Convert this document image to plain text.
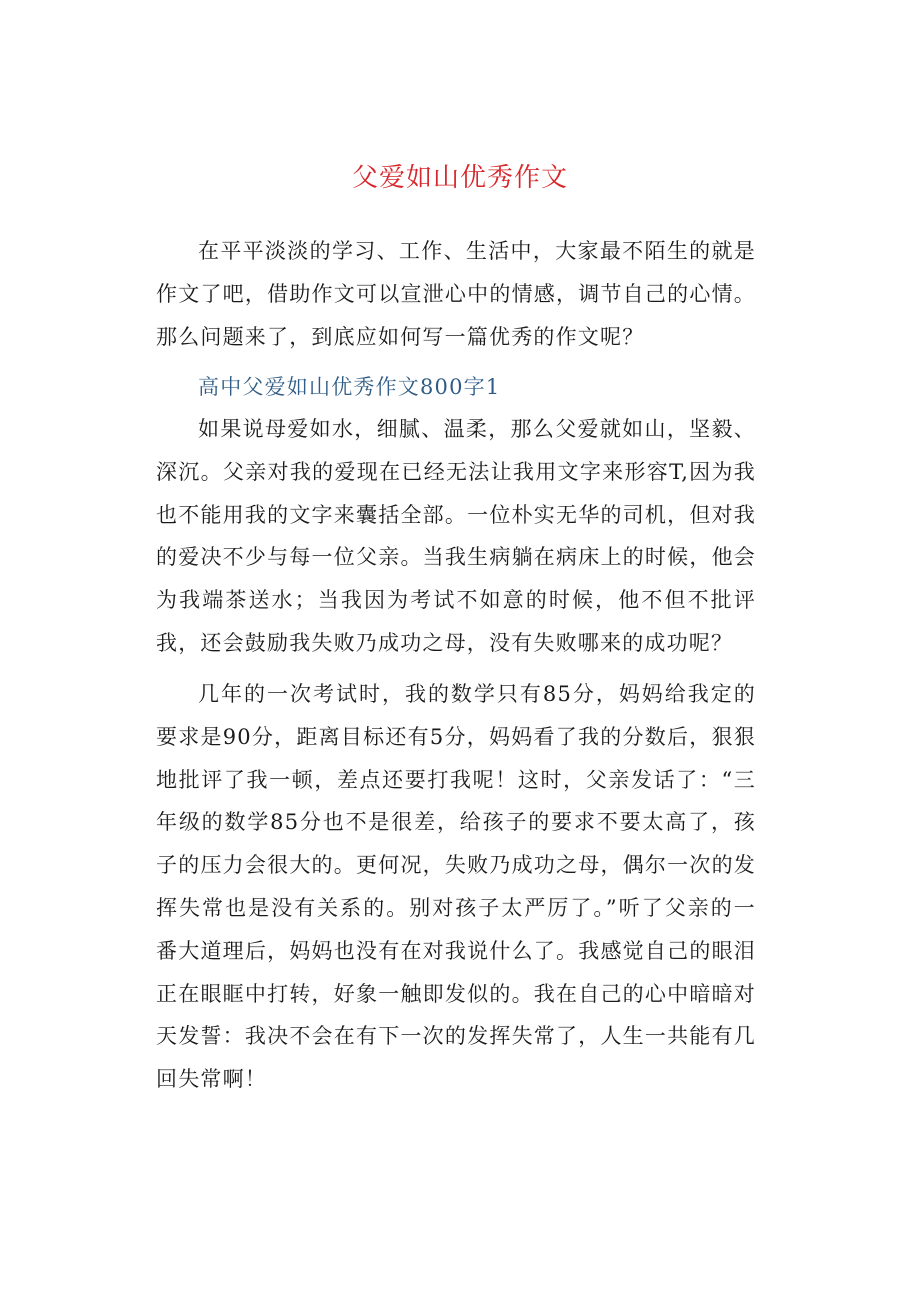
父爱如山优秀作文

在平平淡淡的学习、工作、生活中，大家最不陌生的就是作文了吧，借助作文可以宣泄心中的情感，调节自己的心情。那么问题来了，到底应如何写一篇优秀的作文呢？

高中父爱如山优秀作文800字1

如果说母爱如水，细腻、温柔，那么父爱就如山，坚毅、深沉。父亲对我的爱现在已经无法让我用文字来形容T,因为我也不能用我的文字来囊括全部。一位朴实无华的司机，但对我的爱决不少与每一位父亲。当我生病躺在病床上的时候，他会为我端茶送水；当我因为考试不如意的时候，他不但不批评我，还会鼓励我失败乃成功之母，没有失败哪来的成功呢？

几年的一次考试时，我的数学只有85分，妈妈给我定的要求是90分，距离目标还有5分，妈妈看了我的分数后，狠狠地批评了我一顿，差点还要打我呢！这时，父亲发话了：“三年级的数学85分也不是很差，给孩子的要求不要太高了，孩子的压力会很大的。更何况，失败乃成功之母，偶尔一次的发挥失常也是没有关系的。别对孩子太严厉了。”听了父亲的一番大道理后，妈妈也没有在对我说什么了。我感觉自己的眼泪正在眼眶中打转，好象一触即发似的。我在自己的心中暗暗对天发誓：我决不会在有下一次的发挥失常了，人生一共能有几回失常啊！
